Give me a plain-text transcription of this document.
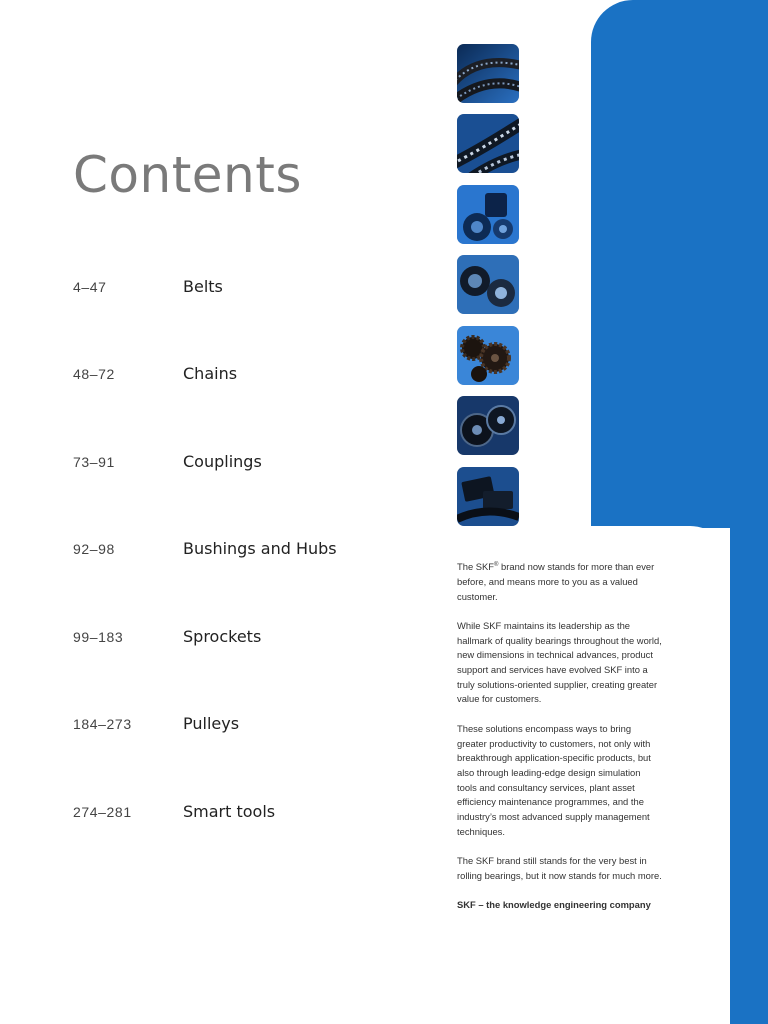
Contents
4–47	Belts
48–72	Chains
73–91	Couplings
92–98	Bushings and Hubs
99–183	Sprockets
184–273	Pulleys
274–281	Smart tools

The SKF® brand now stands for more than ever before, and means more to you as a valued customer.

While SKF maintains its leadership as the hallmark of quality bearings throughout the world, new dimensions in technical advances, product support and services have evolved SKF into a truly solutions-oriented supplier, creating greater value for customers.

These solutions encompass ways to bring greater productivity to customers, not only with breakthrough application-specific products, but also through leading-edge design simulation tools and consultancy services, plant asset efficiency maintenance programmes, and the industry’s most advanced supply management techniques.

The SKF brand still stands for the very best in rolling bearings, but it now stands for much more.

SKF – the knowledge engineering company
